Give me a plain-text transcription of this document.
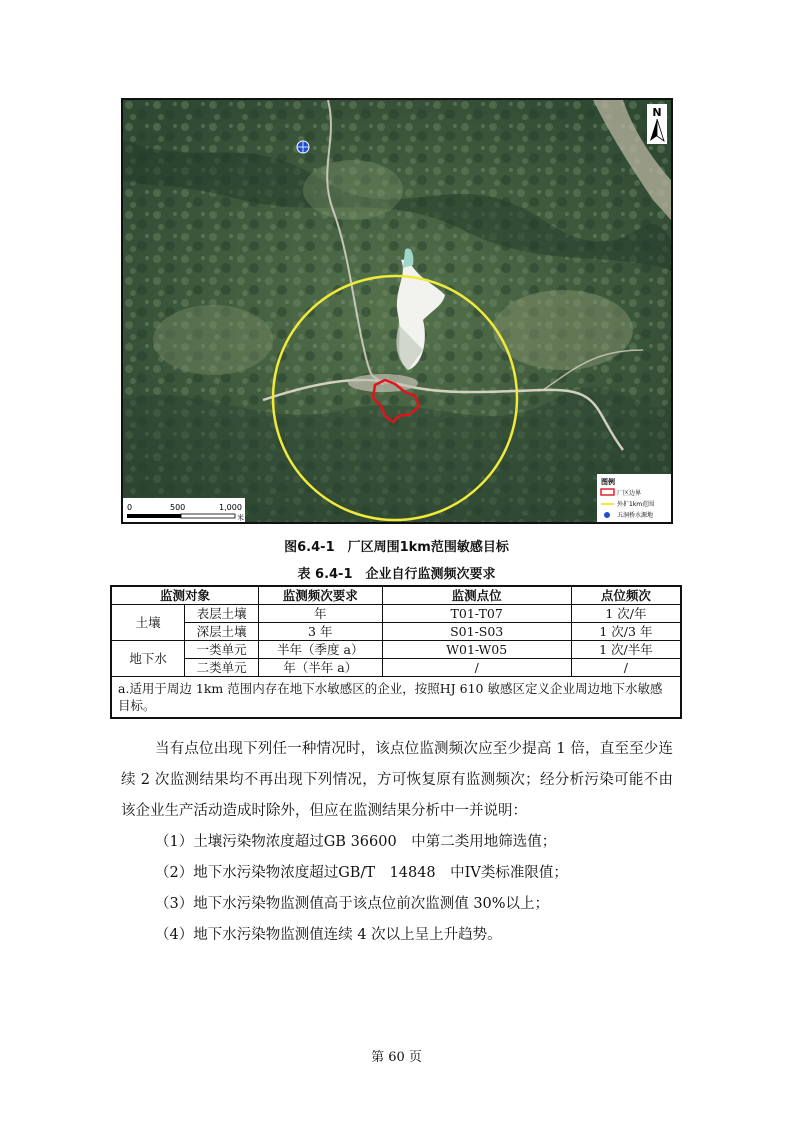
N
0	500	1,000
米
图例
厂区边界
外扩1km范围
五洞桥水源地
图6.4-1　厂区周围1km范围敏感目标
表 6.4-1　企业自行监测频次要求
监测对象		监测频次要求	监测点位	点位频次
土壤	表层土壤	年	T01-T07	1 次/年
	深层土壤	3 年	S01-S03	1 次/3 年
地下水	一类单元	半年（季度 a）	W01-W05	1 次/半年
	二类单元	年（半年 a）	/	/
a.适用于周边 1km 范围内存在地下水敏感区的企业，按照HJ 610 敏感区定义企业周边地下水敏感目标。				

当有点位出现下列任一种情况时，该点位监测频次应至少提高 1 倍，直至至少连续 2 次监测结果均不再出现下列情况，方可恢复原有监测频次；经分析污染可能不由该企业生产活动造成时除外，但应在监测结果分析中一并说明：

（1）土壤污染物浓度超过GB 36600　中第二类用地筛选值；

（2）地下水污染物浓度超过GB/T　14848　中IV类标准限值；

（3）地下水污染物监测值高于该点位前次监测值 30%以上；

（4）地下水污染物监测值连续 4 次以上呈上升趋势。

第 60 页
